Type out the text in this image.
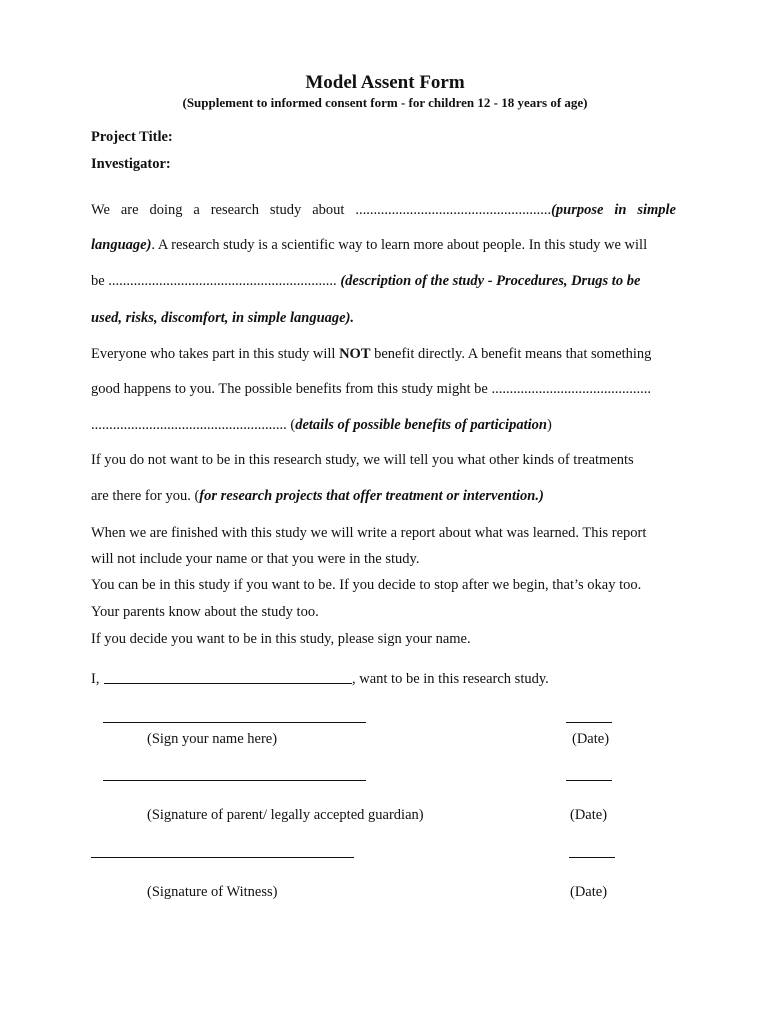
Model Assent Form
(Supplement to informed consent form - for children 12 - 18 years of age)
Project Title:
Investigator:
We are doing a research study about ......................................................(purpose in simple
language). A research study is a scientific way to learn more about people. In this study we will
be ............................................................... (description of the study - Procedures, Drugs to be
used, risks, discomfort, in simple language).
Everyone who takes part in this study will NOT benefit directly. A benefit means that something
good happens to you. The possible benefits from this study might be ............................................
...................................................... (details of possible benefits of participation)
If you do not want to be in this research study, we will tell you what other kinds of treatments
are there for you. (for research projects that offer treatment or intervention.)
When we are finished with this study we will write a report about what was learned. This report
will not include your name or that you were in the study.
You can be in this study if you want to be. If you decide to stop after we begin, that’s okay too.
Your parents know about the study too.
If you decide you want to be in this study, please sign your name.
I,	, want to be in this research study.
(Sign your name here)	(Date)
(Signature of parent/ legally accepted guardian)	(Date)
(Signature of Witness)	(Date)
